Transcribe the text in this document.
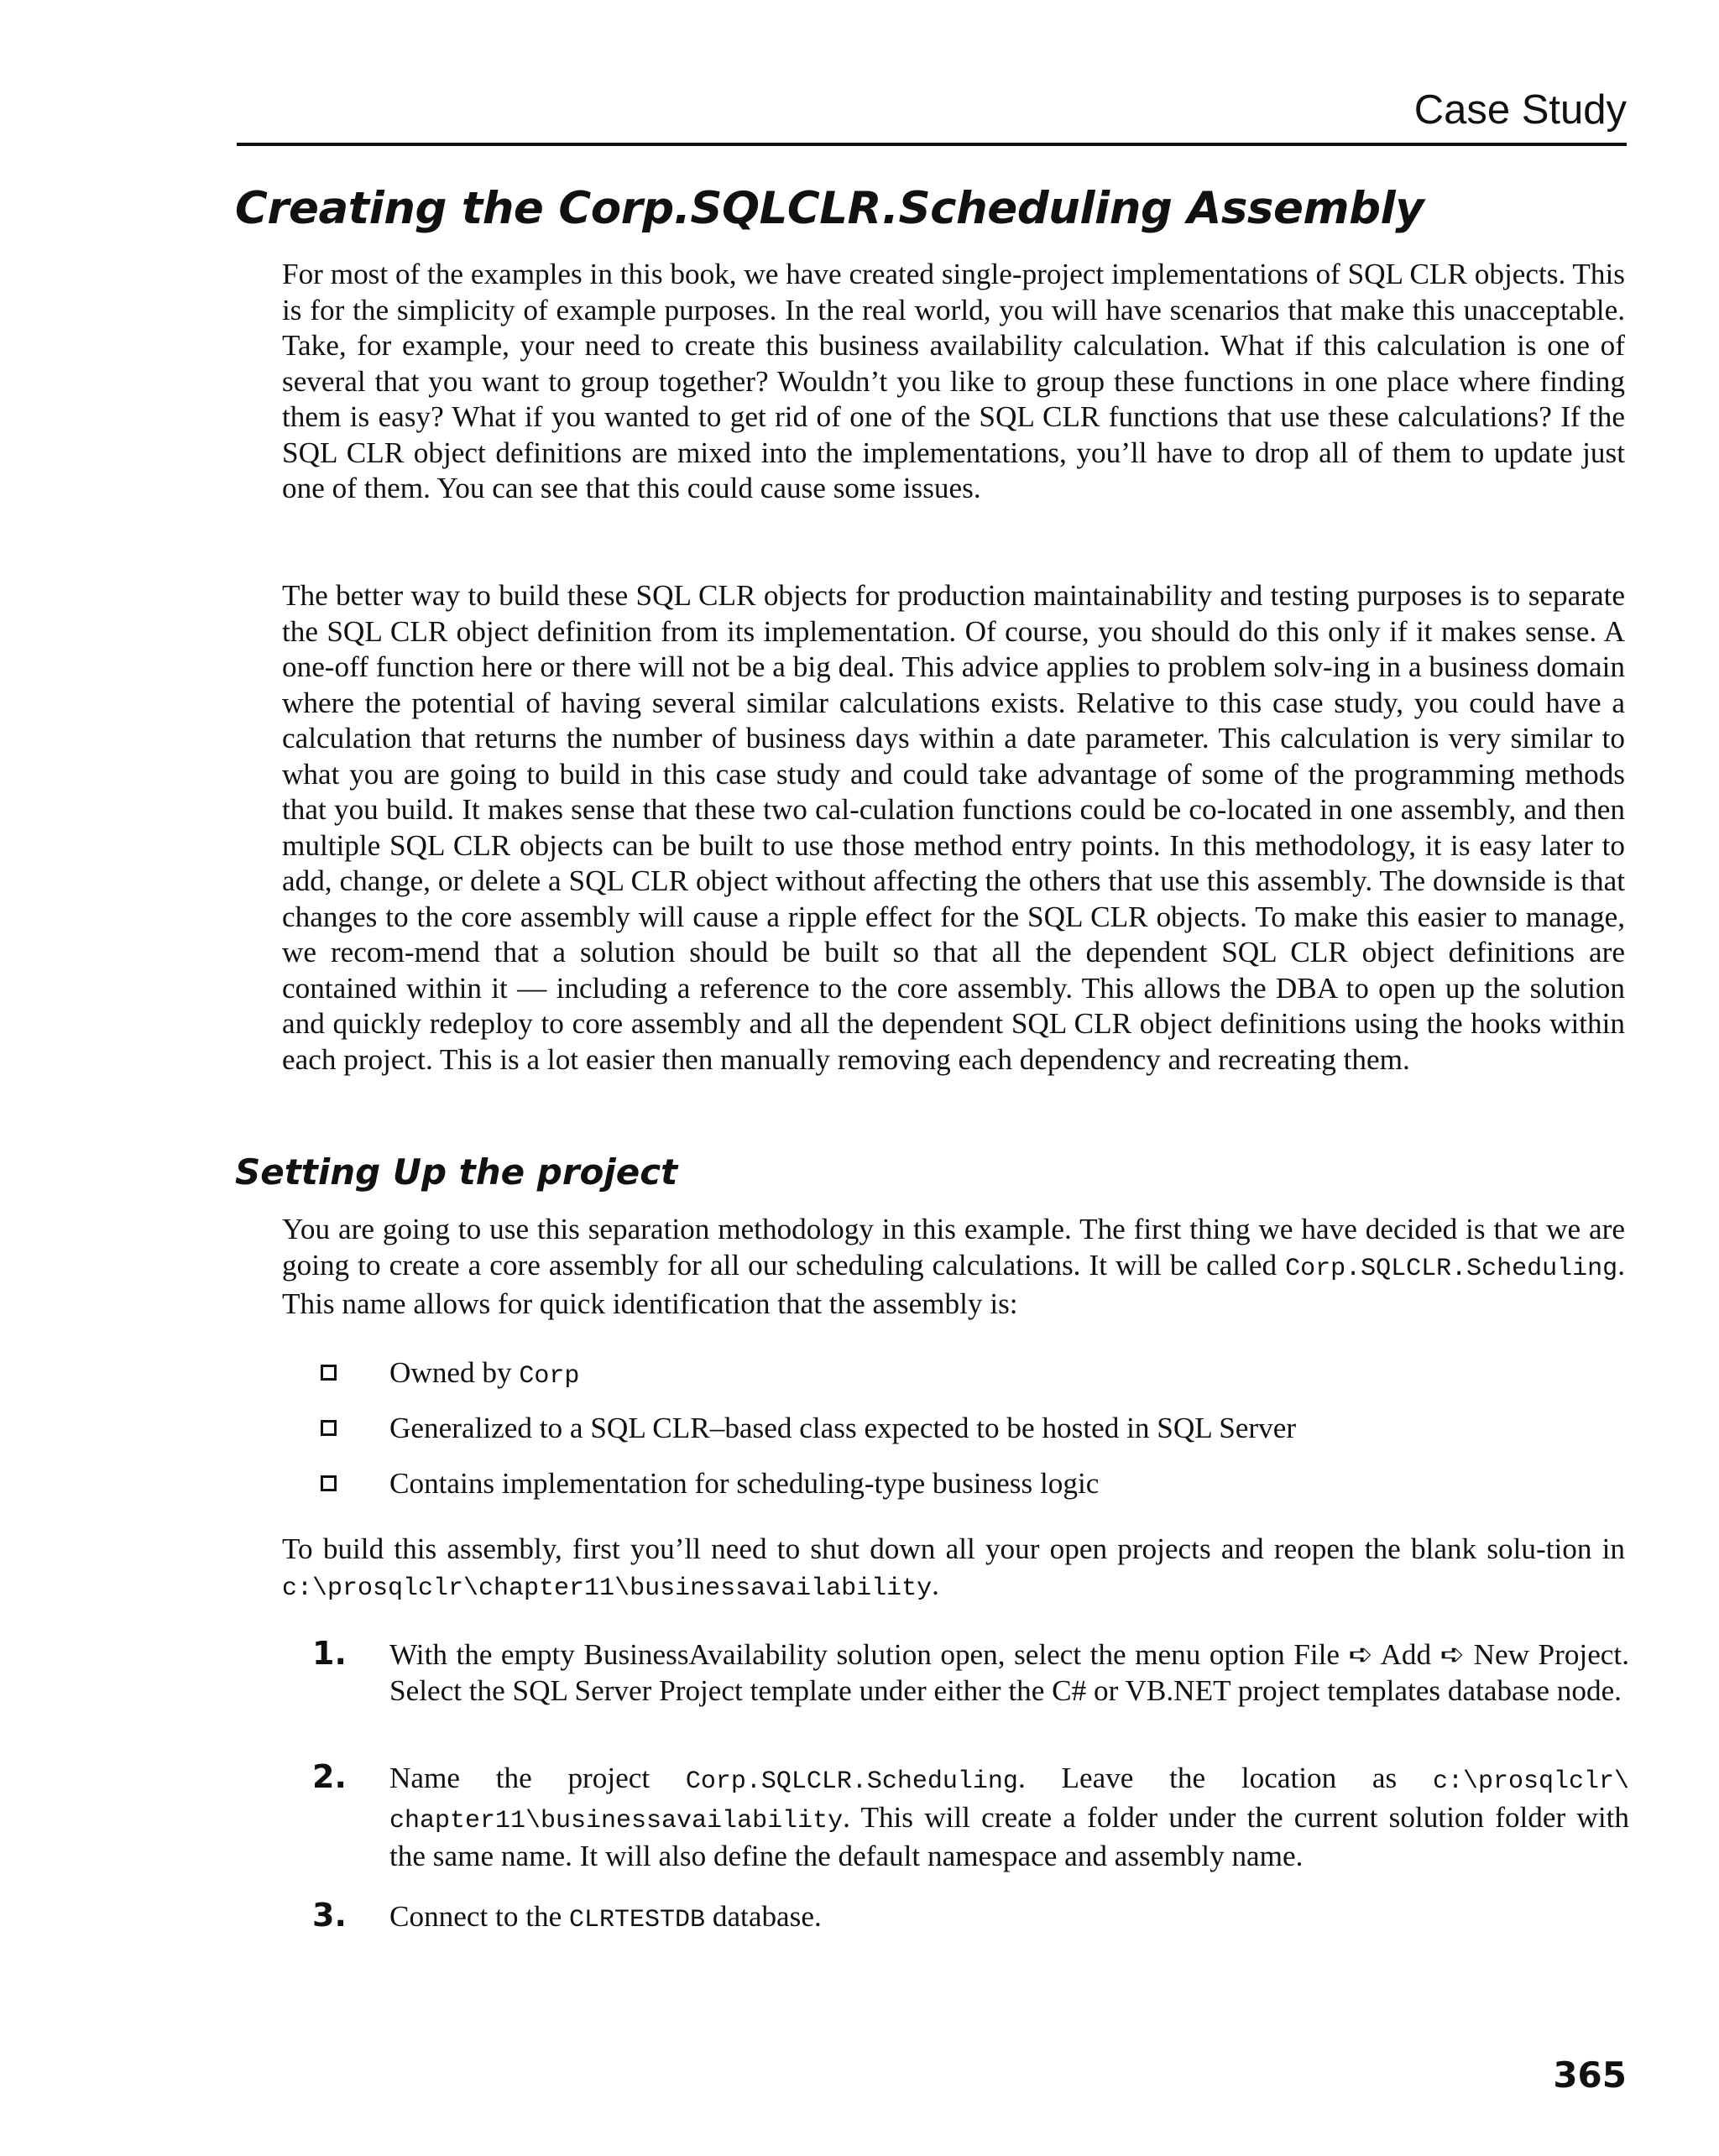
Case Study
Creating the Corp.SQLCLR.Scheduling Assembly

For most of the examples in this book, we have created single-project implementations of SQL CLR objects. This is for the simplicity of example purposes. In the real world, you will have scenarios that make this unacceptable. Take, for example, your need to create this business availability calculation. What if this calculation is one of several that you want to group together? Wouldn’t you like to group these functions in one place where finding them is easy? What if you wanted to get rid of one of the SQL CLR functions that use these calculations? If the SQL CLR object definitions are mixed into the implementations, you’ll have to drop all of them to update just one of them. You can see that this could cause some issues.

The better way to build these SQL CLR objects for production maintainability and testing purposes is to separate the SQL CLR object definition from its implementation. Of course, you should do this only if it makes sense. A one-off function here or there will not be a big deal. This advice applies to problem solv-ing in a business domain where the potential of having several similar calculations exists. Relative to this case study, you could have a calculation that returns the number of business days within a date parameter. This calculation is very similar to what you are going to build in this case study and could take advantage of some of the programming methods that you build. It makes sense that these two cal-culation functions could be co-located in one assembly, and then multiple SQL CLR objects can be built to use those method entry points. In this methodology, it is easy later to add, change, or delete a SQL CLR object without affecting the others that use this assembly. The downside is that changes to the core assembly will cause a ripple effect for the SQL CLR objects. To make this easier to manage, we recom-mend that a solution should be built so that all the dependent SQL CLR object definitions are contained within it — including a reference to the core assembly. This allows the DBA to open up the solution and quickly redeploy to core assembly and all the dependent SQL CLR object definitions using the hooks within each project. This is a lot easier then manually removing each dependency and recreating them.

Setting Up the project

You are going to use this separation methodology in this example. The first thing we have decided is that we are going to create a core assembly for all our scheduling calculations. It will be called Corp.SQLCLR.Scheduling. This name allows for quick identification that the assembly is:

Owned by Corp
Generalized to a SQL CLR–based class expected to be hosted in SQL Server
Contains implementation for scheduling-type business logic

To build this assembly, first you’ll need to shut down all your open projects and reopen the blank solu-tion in c:\prosqlclr\chapter11\businessavailability.

1. With the empty BusinessAvailability solution open, select the menu option File ➪ Add ➪ New Project. Select the SQL Server Project template under either the C# or VB.NET project templates database node.
2. Name the project Corp.SQLCLR.Scheduling. Leave the location as c:\prosqlclr\ chapter11\businessavailability. This will create a folder under the current solution folder with the same name. It will also define the default namespace and assembly name.
3. Connect to the CLRTESTDB database.
365
